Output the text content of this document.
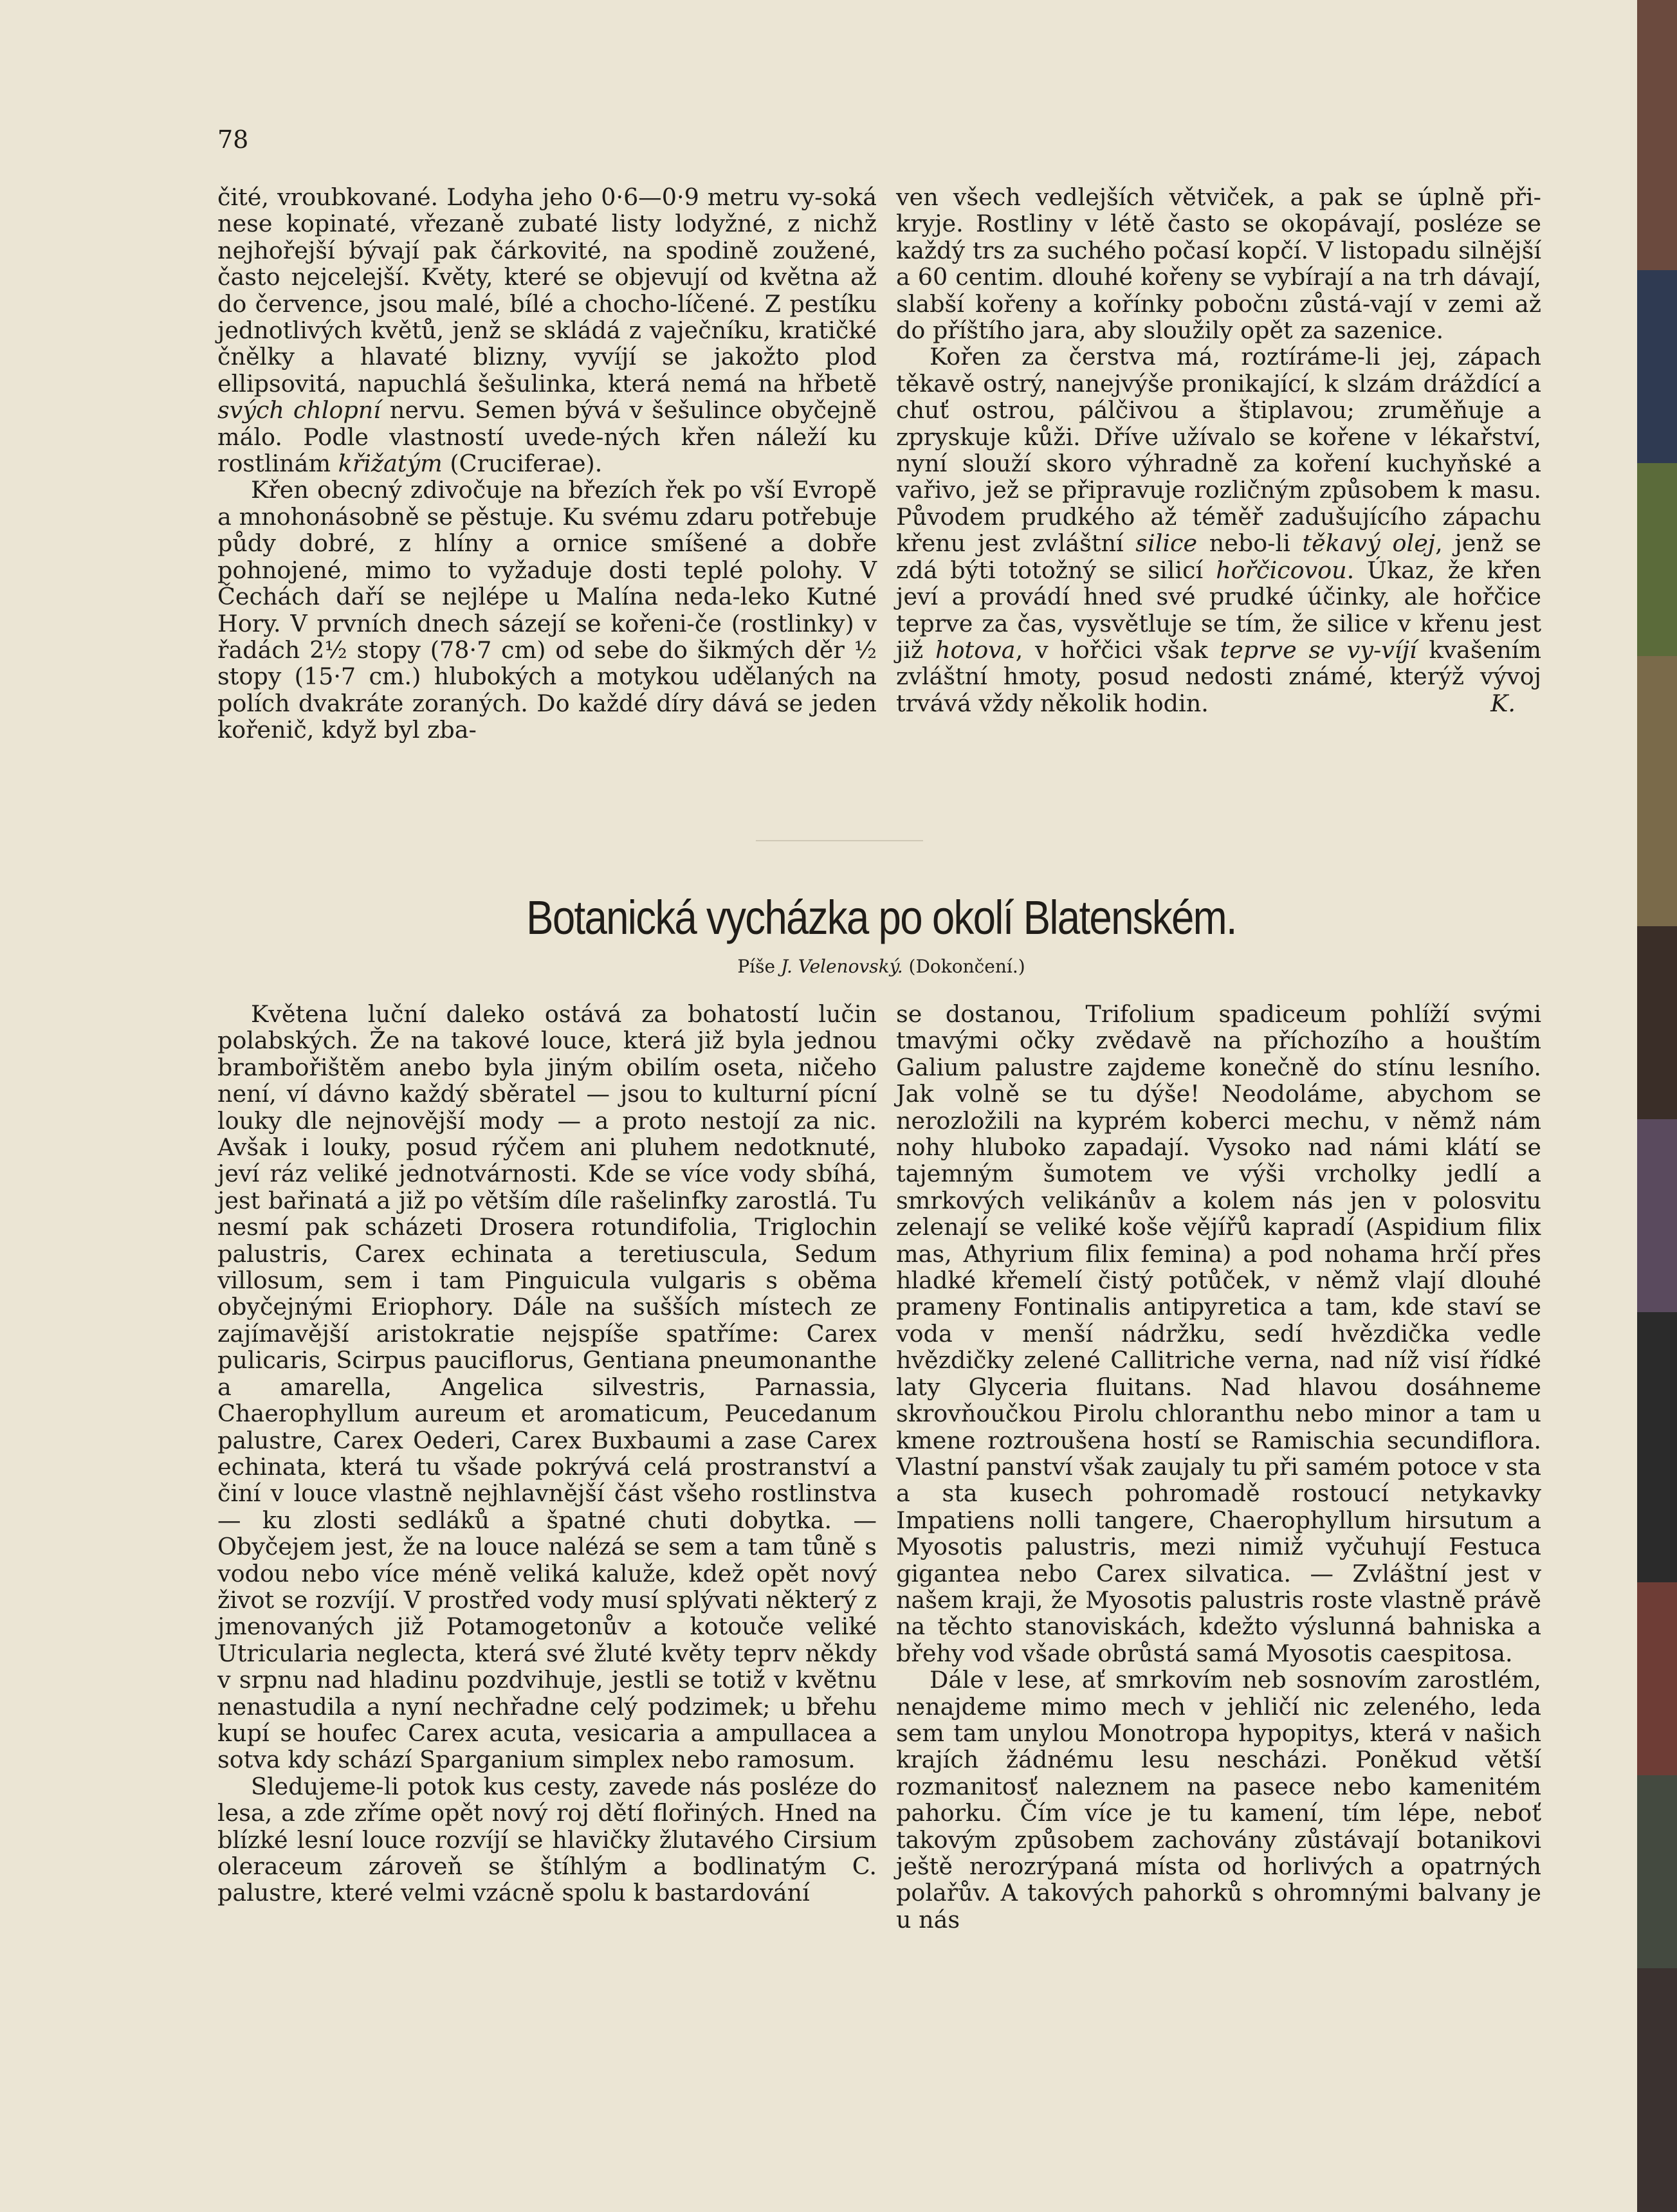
78

čité, vroubkované. Lodyha jeho 0·6—0·9 metru vy-soká nese kopinaté, vřezaně zubaté listy lodyžné, z nichž nejhořejší bývají pak čárkovité, na spodině zoužené, často nejcelejší. Květy, které se objevují od května až do července, jsou malé, bílé a chocho-líčené. Z pestíku jednotlivých květů, jenž se skládá z vaječníku, kratičké čnělky a hlavaté blizny, vyvíjí se jakožto plod ellipsovitá, napuchlá šešulinka, která nemá na hřbetě svých chlopní nervu. Semen bývá v šešulince obyčejně málo. Podle vlastností uvede-ných křen náleží ku rostlinám křižatým (Cruciferae).

Křen obecný zdivočuje na březích řek po vší Evropě a mnohonásobně se pěstuje. Ku svému zdaru potřebuje půdy dobré, z hlíny a ornice smíšené a dobře pohnojené, mimo to vyžaduje dosti teplé polohy. V Čechách daří se nejlépe u Malína neda-leko Kutné Hory. V prvních dnech sázejí se kořeni-če (rostlinky) v řadách 2½ stopy (78·7 cm) od sebe do šikmých děr ½ stopy (15·7 cm.) hlubokých a motykou udělaných na polích dvakráte zoraných. Do každé díry dává se jeden kořenič, když byl zba-

ven všech vedlejších větviček, a pak se úplně při-kryje. Rostliny v létě často se okopávají, posléze se každý trs za suchého počasí kopčí. V listopadu silnější a 60 centim. dlouhé kořeny se vybírají a na trh dávají, slabší kořeny a kořínky pobočnı zůstá-vají v zemi až do příštího jara, aby sloužily opět za sazenice.

Kořen za čerstva má, roztíráme-li jej, zápach těkavě ostrý, nanejvýše pronikající, k slzám dráždící a chuť ostrou, pálčivou a štiplavou; zruměňuje a zpryskuje kůži. Dříve užívalo se kořene v lékařství, nyní slouží skoro výhradně za koření kuchyňské a vařivo, jež se připravuje rozličným způsobem k masu. Původem prudkého až téměř zadušujícího zápachu křenu jest zvláštní silice nebo-li těkavý olej, jenž se zdá býti totožný se silicí hořčicovou. Úkaz, že křen jeví a provádí hned své prudké účinky, ale hořčice teprve za čas, vysvětluje se tím, že silice v křenu jest již hotova, v hořčici však teprve se vy-víjí kvašením zvláštní hmoty, posud nedosti známé, kterýž vývoj trvává vždy několik hodin.	K.

Botanická vycházka po okolí Blatenském.
Píše J. Velenovský. (Dokončení.)

Květena luční daleko ostává za bohatostí lučin polabských. Že na takové louce, která již byla jednou brambořištěm anebo byla jiným obilím oseta, ničeho není, ví dávno každý sběratel — jsou to kulturní pícní louky dle nejnovější mody — a proto nestojí za nic. Avšak i louky, posud rýčem ani pluhem nedotknuté, jeví ráz veliké jednotvárnosti. Kde se více vody sbíhá, jest bařinatá a již po větším díle rašelinfky zarostlá. Tu nesmí pak scházeti Drosera rotundifolia, Triglochin palustris, Carex echinata a teretiuscula, Sedum villosum, sem i tam Pinguicula vulgaris s oběma obyčejnými Eriophory. Dále na sušších místech ze zajímavější aristokratie nejspíše spatříme: Carex pulicaris, Scirpus pauciflorus, Gentiana pneumonanthe a amarella, Angelica silvestris, Parnassia, Chaerophyllum aureum et aromaticum, Peucedanum palustre, Carex Oederi, Carex Buxbaumi a zase Carex echinata, která tu všade pokrývá celá prostranství a činí v louce vlastně nejhlavnější část všeho rostlinstva — ku zlosti sedláků a špatné chuti dobytka. — Obyčejem jest, že na louce nalézá se sem a tam tůně s vodou nebo více méně veliká kaluže, kdež opět nový život se rozvíjí. V prostřed vody musí splývati některý z jmenovaných již Potamogetonův a kotouče veliké Utricularia neglecta, která své žluté květy teprv někdy v srpnu nad hladinu pozdvihuje, jestli se totiž v květnu nenastudila a nyní nechřadne celý podzimek; u břehu kupí se houfec Carex acuta, vesicaria a ampullacea a sotva kdy schází Sparganium simplex nebo ramosum.

Sledujeme-li potok kus cesty, zavede nás posléze do lesa, a zde zříme opět nový roj dětí flořiných. Hned na blízké lesní louce rozvíjí se hlavičky žlutavého Cirsium oleraceum zároveň se štíhlým a bodlinatým C. palustre, které velmi vzácně spolu k bastardování

se dostanou, Trifolium spadiceum pohlíží svými tmavými očky zvědavě na příchozího a houštím Galium palustre zajdeme konečně do stínu lesního. Jak volně se tu dýše! Neodoláme, abychom se nerozložili na kyprém koberci mechu, v němž nám nohy hluboko zapadají. Vysoko nad námi klátí se tajemným šumotem ve výši vrcholky jedlí a smrkových velikánův a kolem nás jen v polosvitu zelenají se veliké koše vějířů kapradí (Aspidium filix mas, Athyrium filix femina) a pod nohama hrčí přes hladké křemelí čistý potůček, v němž vlají dlouhé prameny Fontinalis antipyretica a tam, kde staví se voda v menší nádržku, sedí hvězdička vedle hvězdičky zelené Callitriche verna, nad níž visí řídké laty Glyceria fluitans. Nad hlavou dosáhneme skrovňoučkou Pirolu chloranthu nebo minor a tam u kmene roztroušena hostí se Ramischia secundiflora. Vlastní panství však zaujaly tu při samém potoce v sta a sta kusech pohromadě rostoucí netykavky Impatiens nolli tangere, Chaerophyllum hirsutum a Myosotis palustris, mezi nimiž vyčuhují Festuca gigantea nebo Carex silvatica. — Zvláštní jest v našem kraji, že Myosotis palustris roste vlastně právě na těchto stanoviskách, kdežto výslunná bahniska a břehy vod všade obrůstá samá Myosotis caespitosa.

Dále v lese, ať smrkovím neb sosnovím zarostlém, nenajdeme mimo mech v jehličí nic zeleného, leda sem tam unylou Monotropa hypopitys, která v našich krajích žádnému lesu nescházi. Poněkud větší rozmanitosť naleznem na pasece nebo kamenitém pahorku. Čím více je tu kamení, tím lépe, neboť takovým způsobem zachovány zůstávají botanikovi ještě nerozrýpaná místa od horlivých a opatrných polařův. A takových pahorků s ohromnými balvany je u nás
